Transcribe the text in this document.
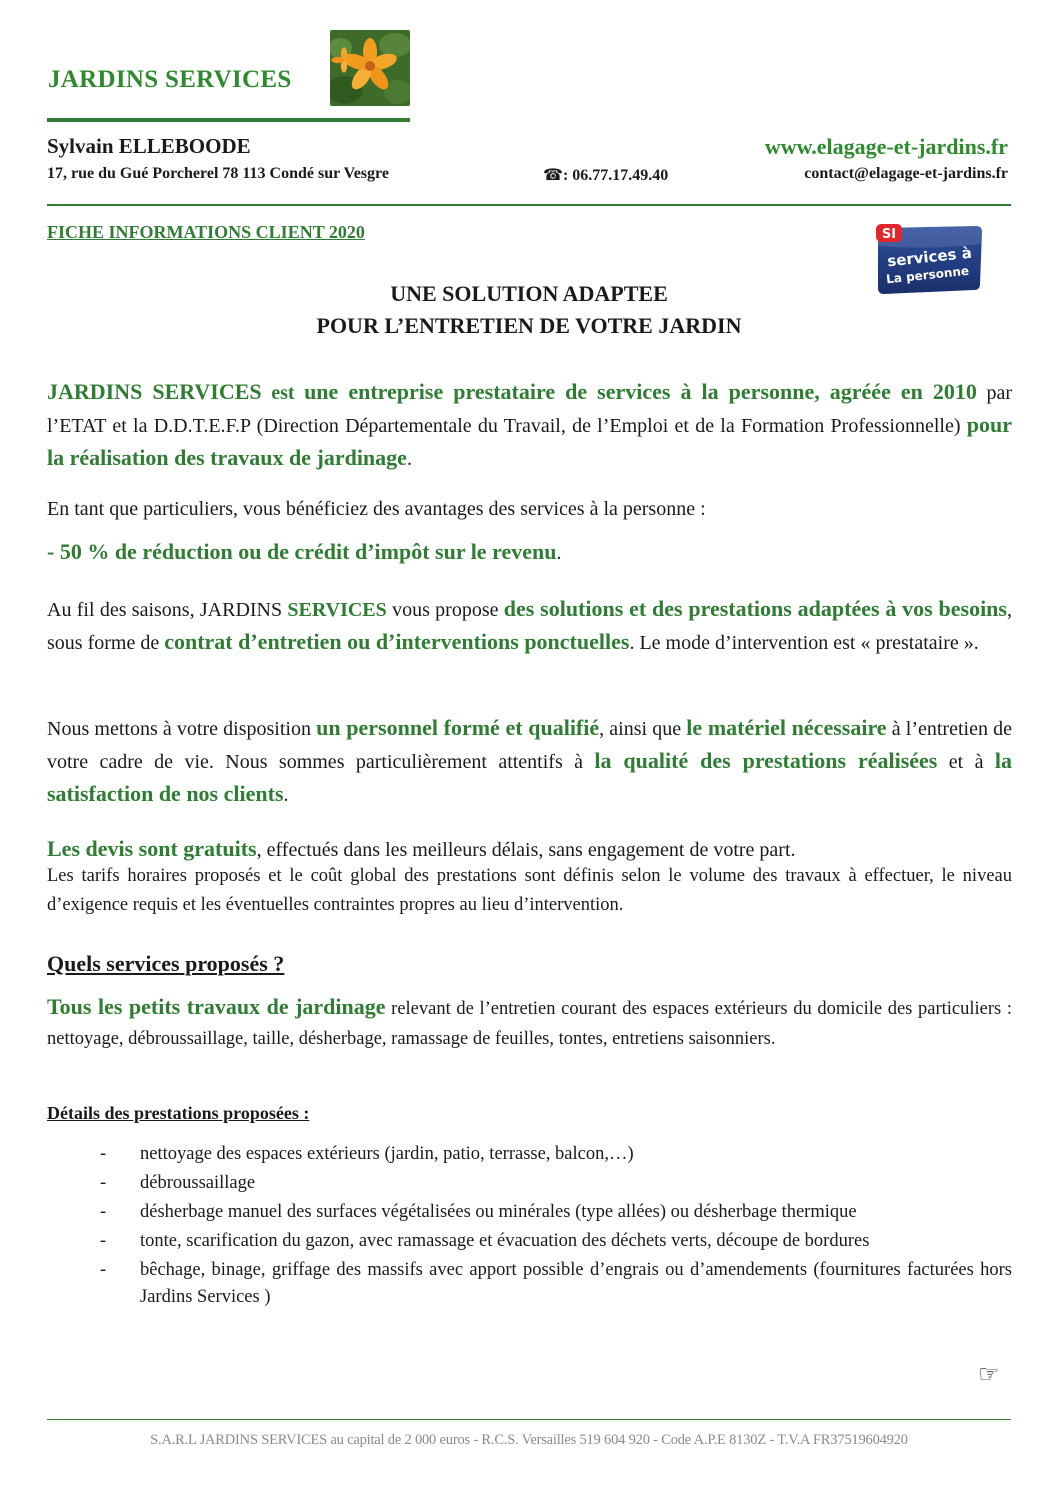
JARDINS SERVICES
Sylvain ELLEBOODE	www.elagage-et-jardins.fr
17, rue du Gué Porcherel 78 113 Condé sur Vesgre	☎: 06.77.17.49.40	contact@elagage-et-jardins.fr
FICHE INFORMATIONS CLIENT 2020	SI
services à
La personne
UNE SOLUTION ADAPTEE
POUR L’ENTRETIEN DE VOTRE JARDIN
JARDINS SERVICES est une entreprise prestataire de services à la personne, agréée en 2010 par l’ETAT et la D.D.T.E.F.P (Direction Départementale du Travail, de l’Emploi et de la Formation Professionnelle) pour la réalisation des travaux de jardinage.
En tant que particuliers, vous bénéficiez des avantages des services à la personne :
- 50 % de réduction ou de crédit d’impôt sur le revenu.
Au fil des saisons, JARDINS SERVICES vous propose des solutions et des prestations adaptées à vos besoins, sous forme de contrat d’entretien ou d’interventions ponctuelles. Le mode d’intervention est « prestataire ».
Nous mettons à votre disposition un personnel formé et qualifié, ainsi que le matériel nécessaire à l’entretien de votre cadre de vie. Nous sommes particulièrement attentifs à la qualité des prestations réalisées et à la satisfaction de nos clients.
Les devis sont gratuits, effectués dans les meilleurs délais, sans engagement de votre part.
Les tarifs horaires proposés et le coût global des prestations sont définis selon le volume des travaux à effectuer, le niveau d’exigence requis et les éventuelles contraintes propres au lieu d’intervention.
Quels services proposés ?
Tous les petits travaux de jardinage relevant de l’entretien courant des espaces extérieurs du domicile des particuliers : nettoyage, débroussaillage, taille, désherbage, ramassage de feuilles, tontes, entretiens saisonniers.
Détails des prestations proposées :
- nettoyage des espaces extérieurs (jardin, patio, terrasse, balcon,…)
- débroussaillage
- désherbage manuel des surfaces végétalisées ou minérales (type allées) ou désherbage thermique
- tonte, scarification du gazon, avec ramassage et évacuation des déchets verts, découpe de bordures
- bêchage, binage, griffage des massifs avec apport possible d’engrais ou d’amendements (fournitures facturées hors Jardins Services )
☞
S.A.R.L JARDINS SERVICES au capital de 2 000 euros - R.C.S. Versailles 519 604 920 - Code A.P.E 8130Z - T.V.A FR37519604920
